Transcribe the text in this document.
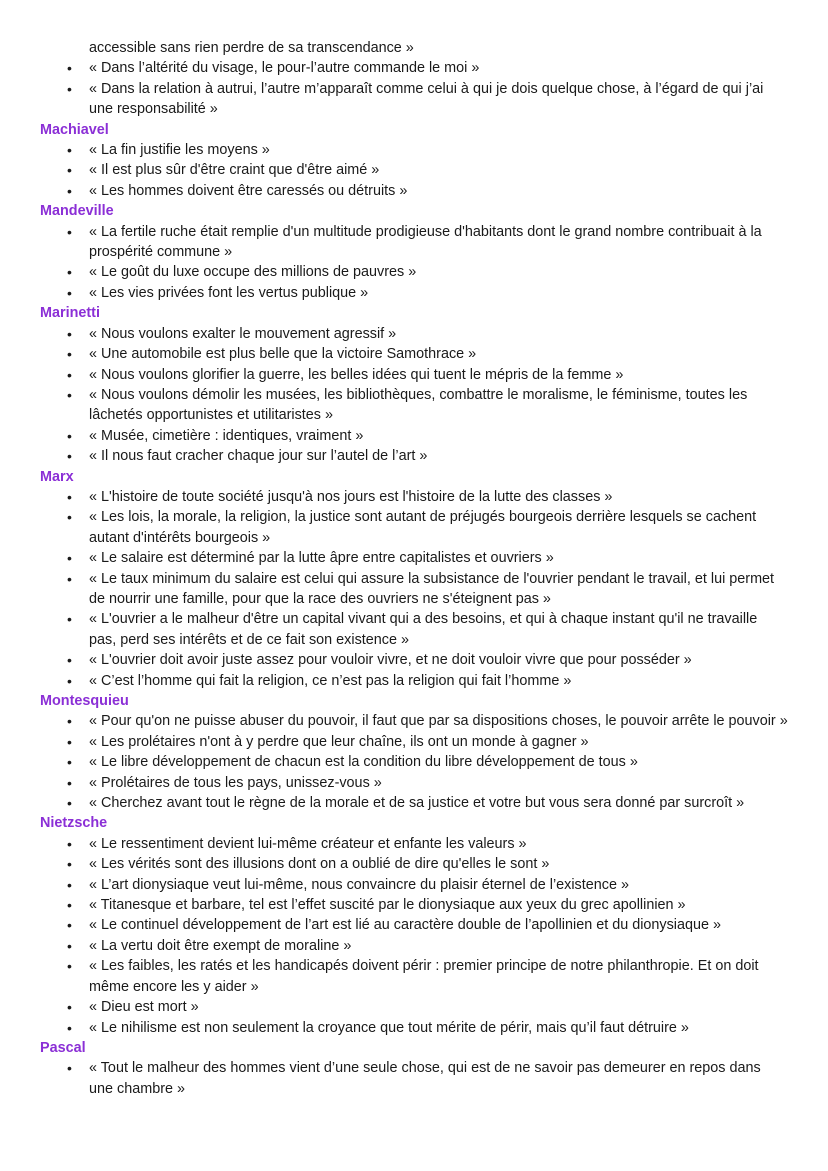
accessible sans rien perdre de sa transcendance »
• « Dans l’altérité du visage, le pour-l’autre commande le moi »
• « Dans la relation à autrui, l’autre m’apparaît comme celui à qui je dois quelque chose, à l’égard de qui j’ai une responsabilité »
Machiavel
• « La fin justifie les moyens »
• « Il est plus sûr d'être craint que d'être aimé »
• « Les hommes doivent être caressés ou détruits »
Mandeville
• « La fertile ruche était remplie d'un multitude prodigieuse d'habitants dont le grand nombre contribuait à la prospérité commune »
• « Le goût du luxe occupe des millions de pauvres »
• « Les vies privées font les vertus publique »
Marinetti
• « Nous voulons exalter le mouvement agressif »
• « Une automobile est plus belle que la victoire Samothrace »
• « Nous voulons glorifier la guerre, les belles idées qui tuent le mépris de la femme »
• « Nous voulons démolir les musées, les bibliothèques, combattre le moralisme, le féminisme, toutes les lâchetés opportunistes et utilitaristes »
• « Musée, cimetière : identiques, vraiment »
• « Il nous faut cracher chaque jour sur l’autel de l’art »
Marx
• « L'histoire de toute société jusqu'à nos jours est l'histoire de la lutte des classes »
• « Les lois, la morale, la religion, la justice sont autant de préjugés bourgeois derrière lesquels se cachent autant d'intérêts bourgeois »
• « Le salaire est déterminé par la lutte âpre entre capitalistes et ouvriers »
• « Le taux minimum du salaire est celui qui assure la subsistance de l'ouvrier pendant le travail, et lui permet de nourrir une famille, pour que la race des ouvriers ne s'éteignent pas »
• « L'ouvrier a le malheur d'être un capital vivant qui a des besoins, et qui à chaque instant qu'il ne travaille pas, perd ses intérêts et de ce fait son existence »
• « L'ouvrier doit avoir juste assez pour vouloir vivre, et ne doit vouloir vivre que pour posséder »
• « C’est l’homme qui fait la religion, ce n’est pas la religion qui fait l’homme »
Montesquieu
• « Pour qu'on ne puisse abuser du pouvoir, il faut que par sa dispositions choses, le pouvoir arrête le pouvoir »
• « Les prolétaires n'ont à y perdre que leur chaîne, ils ont un monde à gagner »
• « Le libre développement de chacun est la condition du libre développement de tous »
• « Prolétaires de tous les pays, unissez-vous »
• « Cherchez avant tout le règne de la morale et de sa justice et votre but vous sera donné par surcroît »
Nietzsche
• « Le ressentiment devient lui-même créateur et enfante les valeurs »
• « Les vérités sont des illusions dont on a oublié de dire qu'elles le sont »
• « L’art dionysiaque veut lui-même, nous convaincre du plaisir éternel de l’existence »
• « Titanesque et barbare, tel est l’effet suscité par le dionysiaque aux yeux du grec apollinien »
• « Le continuel développement de l’art est lié au caractère double de l’apollinien et du dionysiaque »
• « La vertu doit être exempt de moraline »
• « Les faibles, les ratés et les handicapés doivent périr : premier principe de notre philanthropie. Et on doit même encore les y aider »
• « Dieu est mort »
• « Le nihilisme est non seulement la croyance que tout mérite de périr, mais qu’il faut détruire »
Pascal
• « Tout le malheur des hommes vient d’une seule chose, qui est de ne savoir pas demeurer en repos dans une chambre »
